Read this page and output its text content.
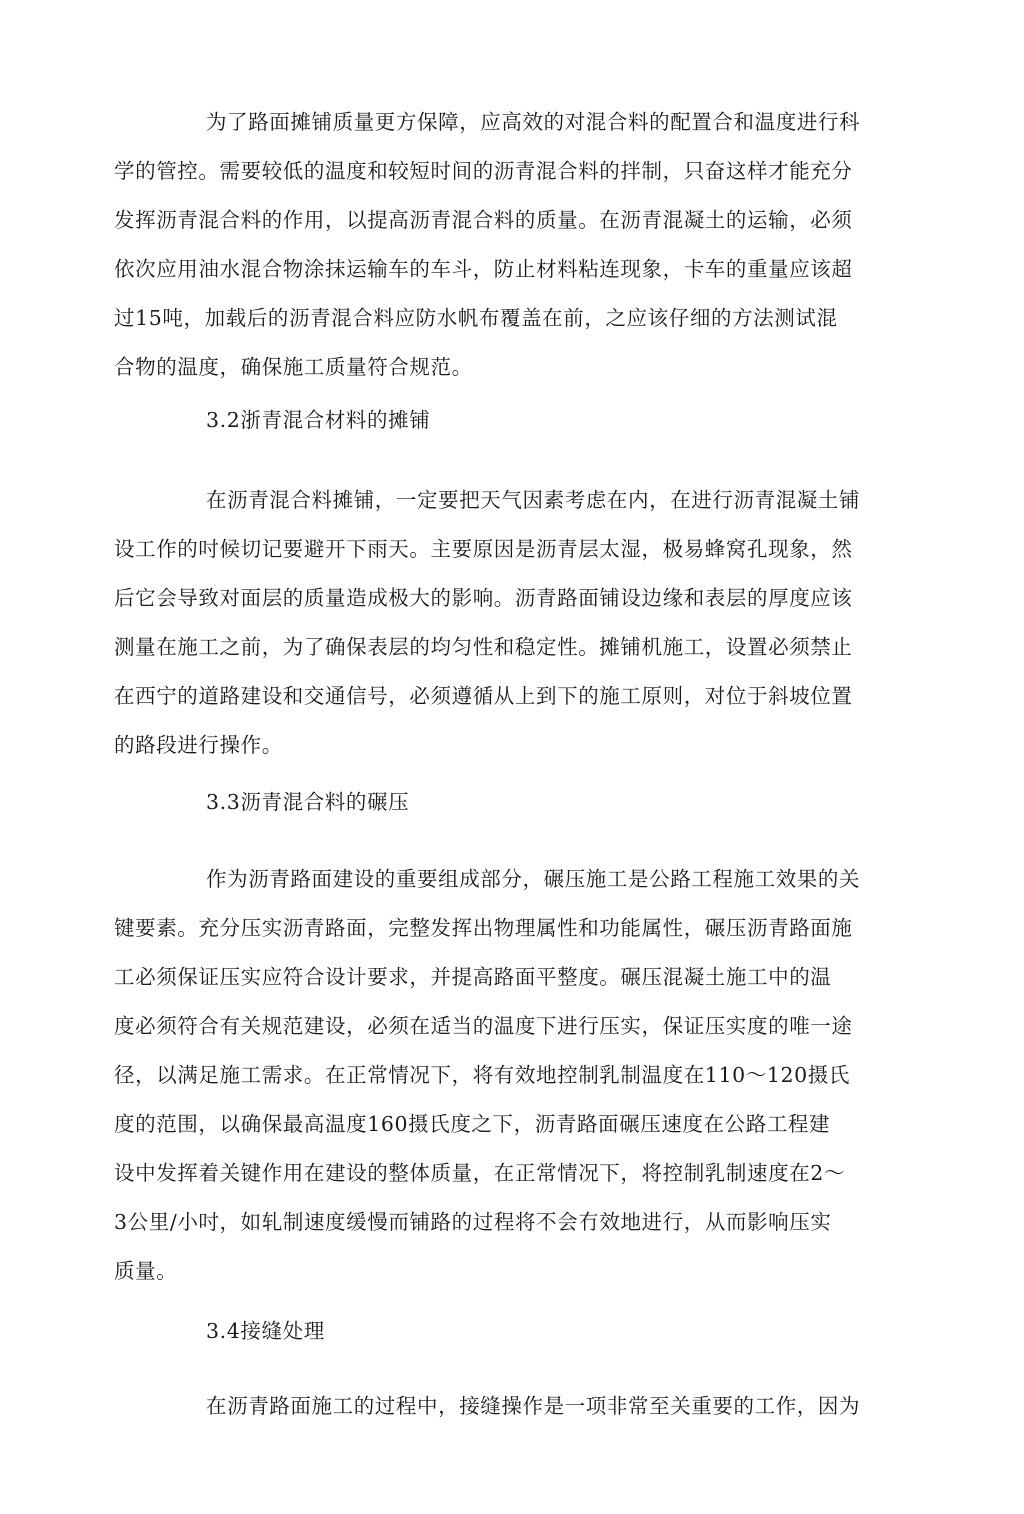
为了路面摊铺质量更方保障，应高效的对混合料的配置合和温度进行科
学的管控。需要较低的温度和较短时间的沥青混合料的拌制，只奋这样才能充分
发挥沥青混合料的作用，以提高沥青混合料的质量。在沥青混凝土的运输，必须
依次应用油水混合物涂抹运输车的车斗，防止材料粘连现象，卡车的重量应该超
过15吨，加载后的沥青混合料应防水帆布覆盖在前，之应该仔细的方法测试混
合物的温度，确保施工质量符合规范。
3.2浙青混合材料的摊铺
在沥青混合料摊铺，一定要把天气因素考虑在内，在进行沥青混凝土铺
设工作的吋候切记要避开下雨天。主要原因是沥青层太湿，极易蜂窝孔现象，然
后它会导致对面层的质量造成极大的影响。沥青路面铺设边缘和表层的厚度应该
测量在施工之前，为了确保表层的均匀性和稳定性。摊铺机施工，设置必须禁止
在西宁的道路建设和交通信号，必须遵循从上到下的施工原则，对位于斜坡位置
的路段进行操作。
3.3沥青混合料的碾压
作为沥青路面建设的重要组成部分，碾压施工是公路工程施工效果的关
键要素。充分压实沥青路面，完整发挥出物理属性和功能属性，碾压沥青路面施
工必须保证压实应符合设计要求，并提高路面平整度。碾压混凝土施工中的温
度必须符合有关规范建设，必须在适当的温度下进行压实，保证压实度的唯一途
径，以满足施工需求。在正常情况下，将有效地控制乳制温度在110～120摄氏
度的范围，以确保最高温度160摄氏度之下，沥青路面碾压速度在公路工程建
设中发挥着关键作用在建设的整体质量，在正常情况下，将控制乳制速度在2～
3公里/小吋，如轧制速度缓慢而铺路的过程将不会冇效地进行，从而影响压实
质量。
3.4接缝处理
在沥青路面施工的过程中，接缝操作是一项非常至关重要的工作，因为
